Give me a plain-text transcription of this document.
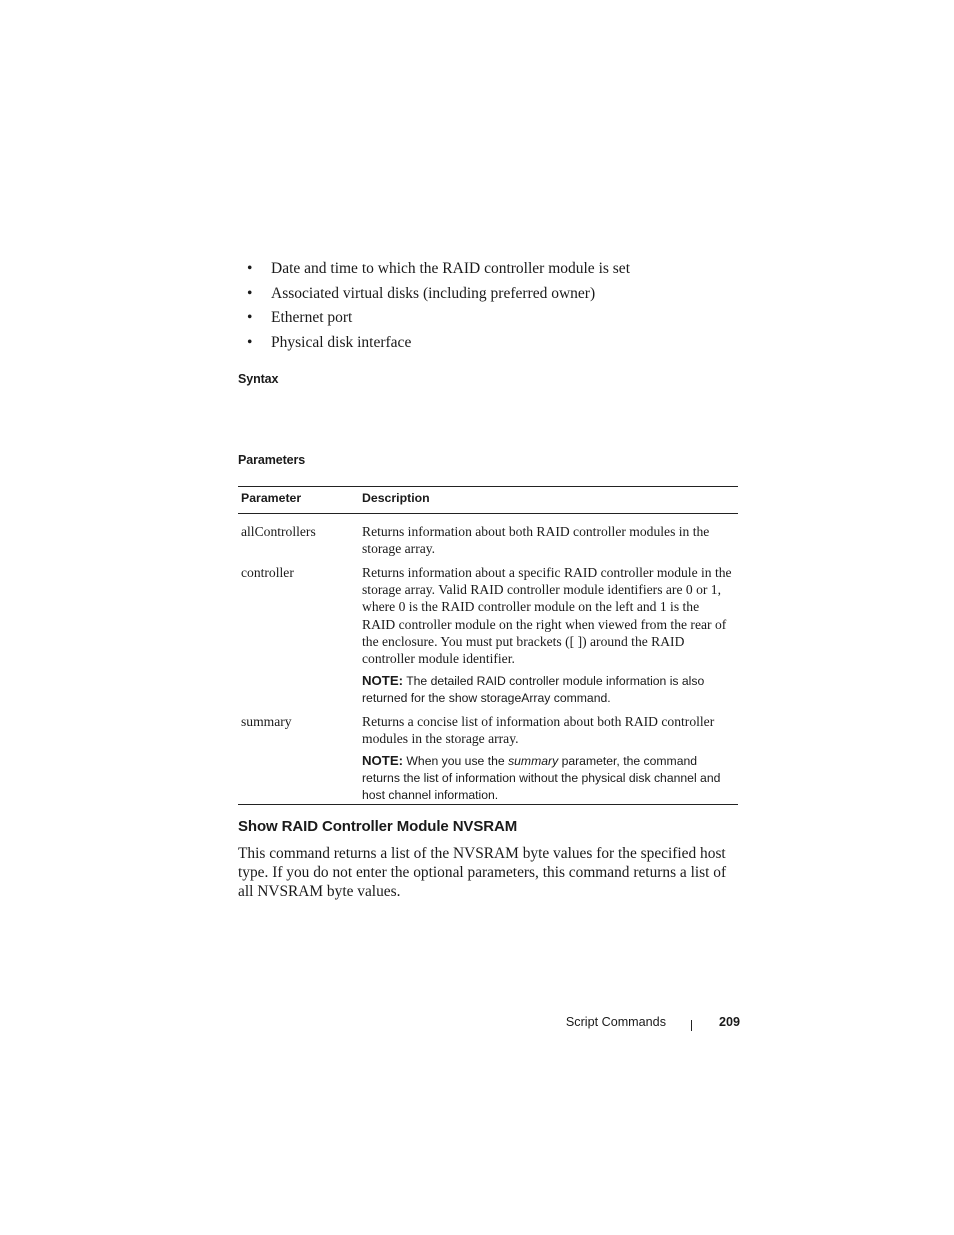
• Date and time to which the RAID controller module is set
• Associated virtual disks (including preferred owner)
• Ethernet port
• Physical disk interface
Syntax
Parameters
Parameter	Description
allControllers	Returns information about both RAID controller modules in the storage array.
controller	Returns information about a specific RAID controller module in the storage array. Valid RAID controller module identifiers are 0 or 1, where 0 is the RAID controller module on the left and 1 is the RAID controller module on the right when viewed from the rear of the enclosure. You must put brackets ([ ]) around the RAID controller module identifier.
NOTE: The detailed RAID controller module information is also returned for the show storageArray command.
summary	Returns a concise list of information about both RAID controller modules in the storage array.
NOTE: When you use the summary parameter, the command returns the list of information without the physical disk channel and host channel information.
Show RAID Controller Module NVSRAM
This command returns a list of the NVSRAM byte values for the specified host type. If you do not enter the optional parameters, this command returns a list of all NVSRAM byte values.
Script Commands	209
